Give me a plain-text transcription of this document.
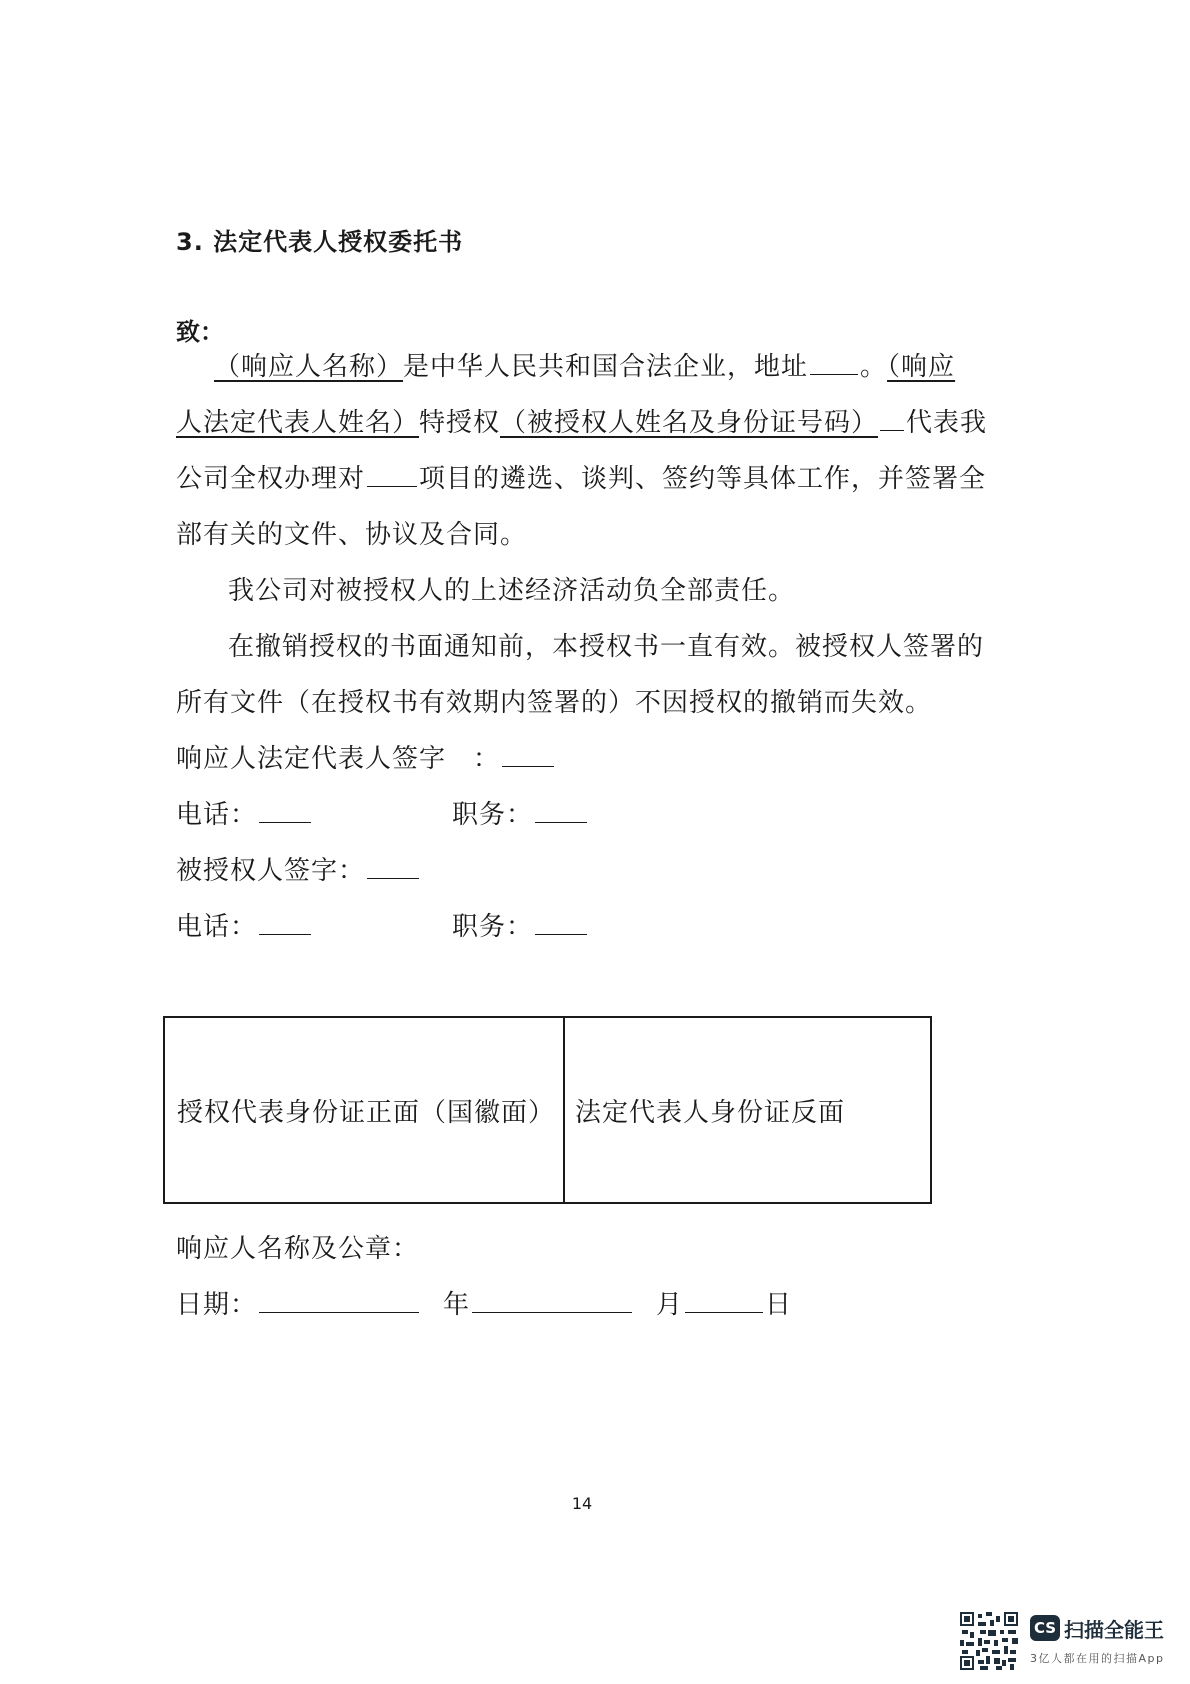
3. 法定代表人授权委托书
致：
（响应人名称）是中华人民共和国合法企业，地址 。（响应
人法定代表人姓名）特授权（被授权人姓名及身份证号码） 代表我
公司全权办理对 项目的遴选、谈判、签约等具体工作，并签署全
部有关的文件、协议及合同。
我公司对被授权人的上述经济活动负全部责任。
在撤销授权的书面通知前，本授权书一直有效。被授权人签署的
所有文件（在授权书有效期内签署的）不因授权的撤销而失效。
响应人法定代表人签字　：
电话：	职务：
被授权人签字：
电话：	职务：
授权代表身份证正面（国徽面） 法定代表人身份证反面
响应人名称及公章：
日期：	年	月	日
14
CS 扫描全能王
3亿人都在用的扫描App
